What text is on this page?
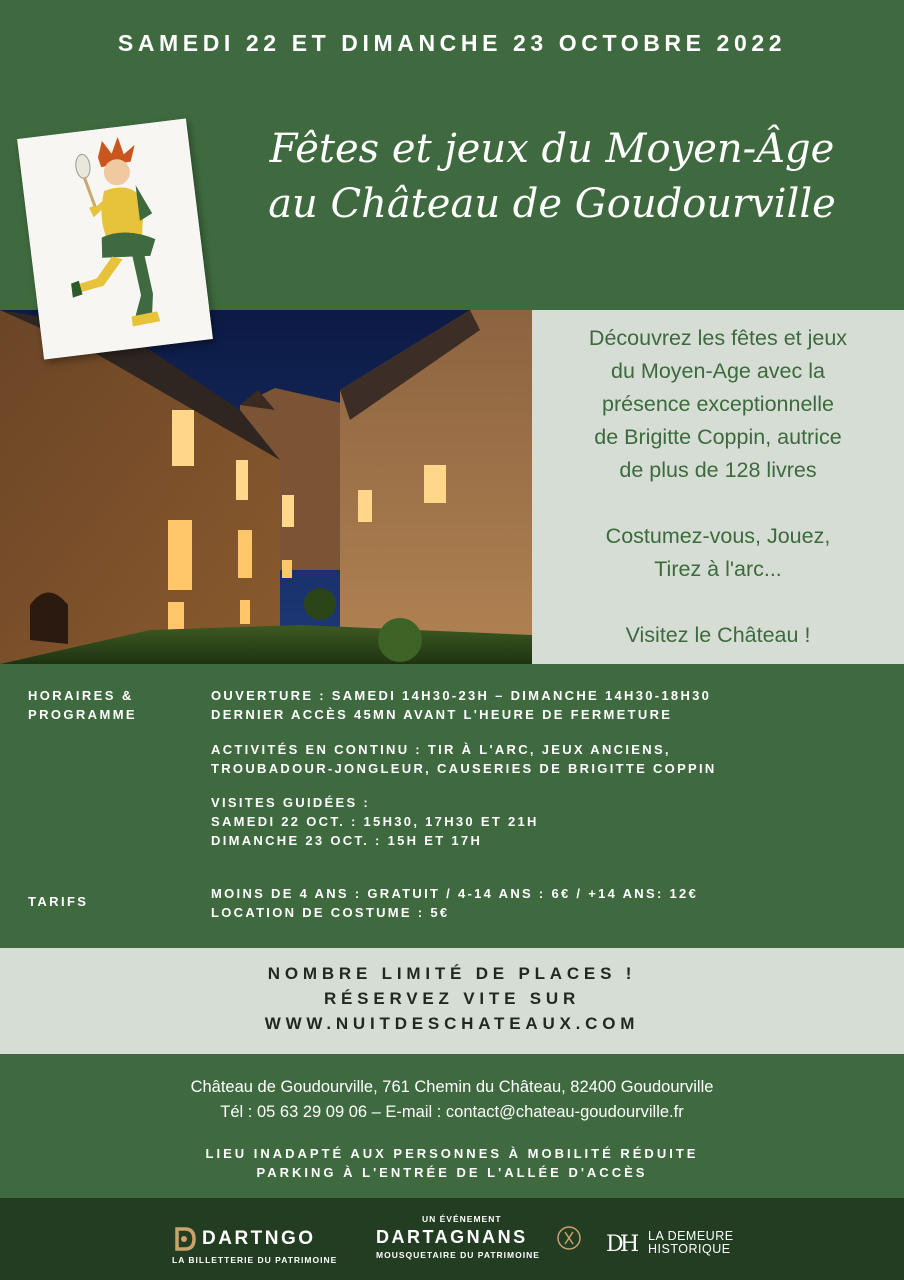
SAMEDI 22 ET DIMANCHE 23 OCTOBRE 2022
Fêtes et jeux du Moyen-Âge
au Château de Goudourville

Découvrez les fêtes et jeux

du Moyen-Age avec la

présence exceptionnelle

de Brigitte Coppin, autrice

de plus de 128 livres

Costumez-vous, Jouez,

Tirez à l'arc...

Visitez le Château !

HORAIRES &
PROGRAMME
OUVERTURE : SAMEDI 14H30-23H – DIMANCHE 14H30-18H30
DERNIER ACCÈS 45MN AVANT L'HEURE DE FERMETURE
ACTIVITÉS EN CONTINU : TIR À L'ARC, JEUX ANCIENS,
TROUBADOUR-JONGLEUR, CAUSERIES DE BRIGITTE COPPIN
VISITES GUIDÉES :
SAMEDI 22 OCT. : 15H30, 17H30 ET 21H
DIMANCHE 23 OCT. : 15H ET 17H
TARIFS
MOINS DE 4 ANS : GRATUIT / 4-14 ANS : 6€ / +14 ANS: 12€
LOCATION DE COSTUME : 5€
NOMBRE LIMITÉ DE PLACES !
RÉSERVEZ VITE SUR
WWW.NUITDESCHATEAUX.COM
Château de Goudourville, 761 Chemin du Château, 82400 Goudourville
Tél : 05 63 29 09 06 – E-mail : contact@chateau-goudourville.fr
LIEU INADAPTÉ AUX PERSONNES À MOBILITÉ RÉDUITE
PARKING À L'ENTRÉE DE L'ALLÉE D'ACCÈS
DARTNGO
LA BILLETTERIE DU PATRIMOINE
UN ÉVÉNEMENT
DARTAGNANS
MOUSQUETAIRE DU PATRIMOINE	D
H LA DEMEURE
HISTORIQUE
